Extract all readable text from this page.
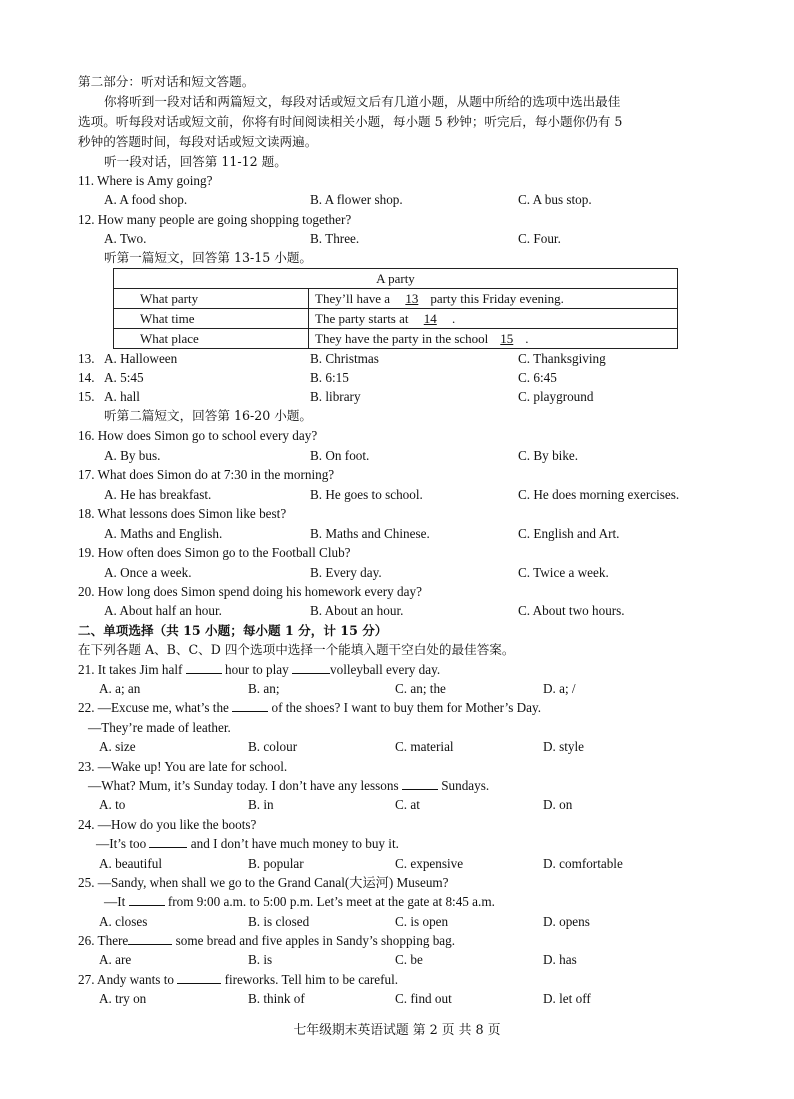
第二部分：听对话和短文答题。
你将听到一段对话和两篇短文，每段对话或短文后有几道小题，从题中所给的选项中选出最佳
选项。听每段对话或短文前，你将有时间阅读相关小题，每小题 5 秒钟；听完后，每小题你仍有 5
秒钟的答题时间，每段对话或短文读两遍。
听一段对话，回答第 11-12 题。
11. Where is Amy going?
A. A food shop.	B. A flower shop.	C. A bus stop.
12. How many people are going shopping together?
A. Two.	B. Three.	C. Four.
听第一篇短文，回答第 13-15 小题。
A party	
What party	They’ll have a 13 party this Friday evening.
What time	The party starts at 14 .
What place	They have the party in the school 15 .
13. A. Halloween	B. Christmas	C. Thanksgiving
14. A. 5:45	B. 6:15	C. 6:45
15. A. hall	B. library	C. playground
听第二篇短文，回答第 16-20 小题。
16. How does Simon go to school every day?
A. By bus.	B. On foot.	C. By bike.
17. What does Simon do at 7:30 in the morning?
A. He has breakfast.	B. He goes to school.	C. He does morning exercises.
18. What lessons does Simon like best?
A. Maths and English.	B. Maths and Chinese.	C. English and Art.
19. How often does Simon go to the Football Club?
A. Once a week.	B. Every day.	C. Twice a week.
20. How long does Simon spend doing his homework every day?
A. About half an hour.	B. About an hour.	C. About two hours.
二、单项选择（共 15 小题；每小题 1 分，计 15 分）
在下列各题 A、B、C、D 四个选项中选择一个能填入题干空白处的最佳答案。
21. It takes Jim half	hour to play	volleyball every day.
A. a; an	B. an;	C. an; the	D. a; /
22. —Excuse me, what’s the	of the shoes? I want to buy them for Mother’s Day.
—They’re made of leather.
A. size	B. colour	C. material	D. style
23. —Wake up! You are late for school.
—What? Mum, it’s Sunday today. I don’t have any lessons	Sundays.
A. to	B. in	C. at	D. on
24. —How do you like the boots?
—It’s too	and I don’t have much money to buy it.
A. beautiful	B. popular	C. expensive	D. comfortable
25. —Sandy, when shall we go to the Grand Canal(大运河) Museum?
—It	from 9:00 a.m. to 5:00 p.m. Let’s meet at the gate at 8:45 a.m.
A. closes	B. is closed	C. is open	D. opens
26. There	some bread and five apples in Sandy’s shopping bag.
A. are	B. is	C. be	D. has
27. Andy wants to	fireworks. Tell him to be careful.
A. try on	B. think of	C. find out	D. let off
七年级期末英语试题 第 2 页 共 8 页
